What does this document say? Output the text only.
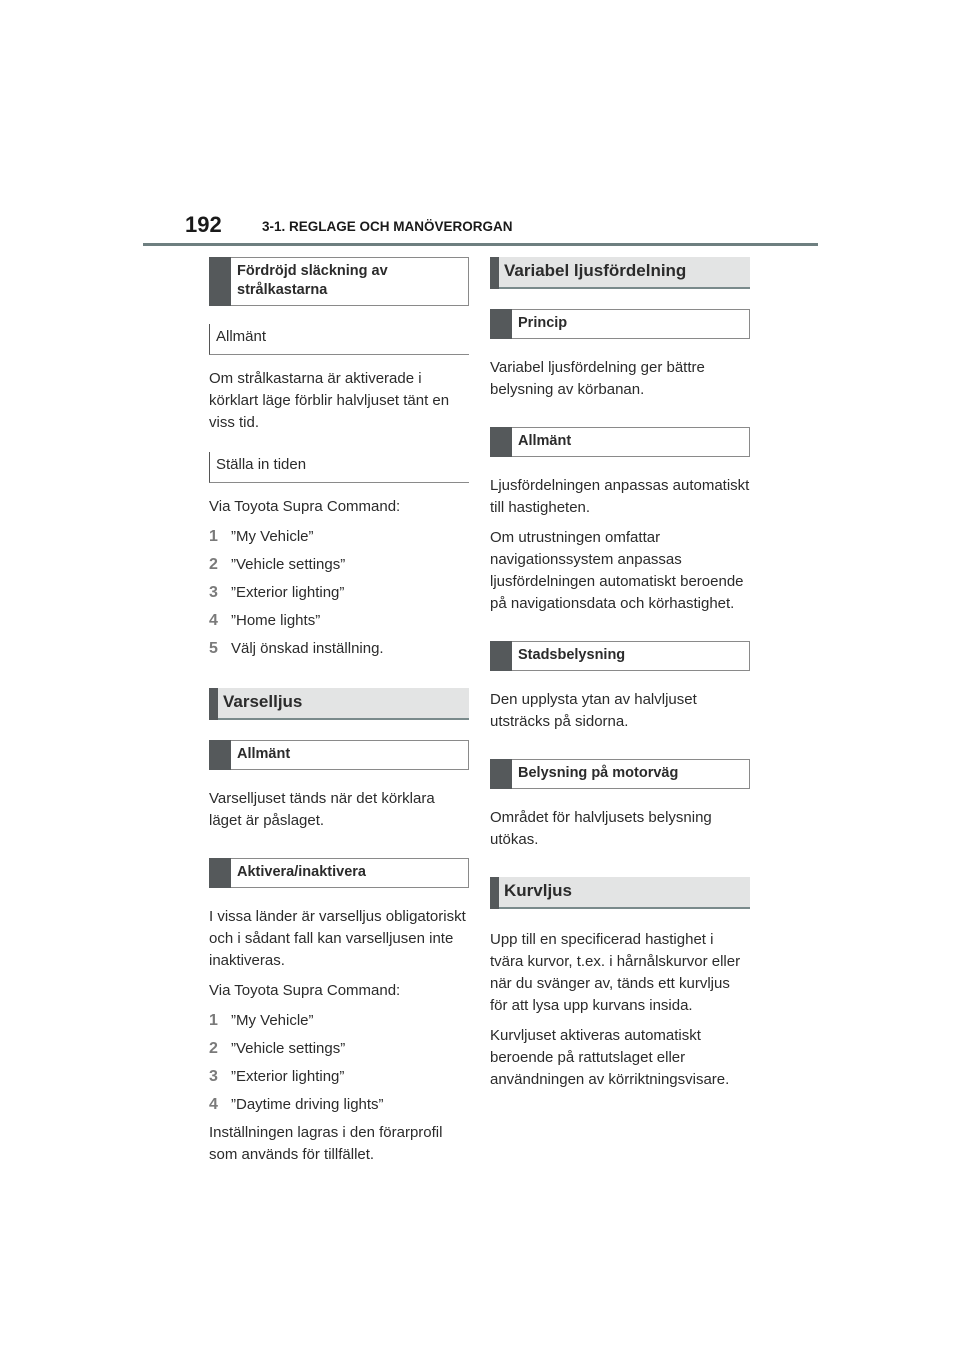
192	3-1. REGLAGE OCH MANÖVERORGAN
Fördröjd släckning av strålkastarna
Allmänt

Om strålkastarna är aktiverade i körklart läge förblir halvljuset tänt en viss tid.

Ställa in tiden

Via Toyota Supra Command:

1 ”My Vehicle”
2 ”Vehicle settings”
3 ”Exterior lighting”
4 ”Home lights”
5 Välj önskad inställning.
Varselljus
Allmänt

Varselljuset tänds när det körklara läget är påslaget.

Aktivera/inaktivera

I vissa länder är varselljus obligatoriskt och i sådant fall kan varselljusen inte inaktiveras.

Via Toyota Supra Command:

1 ”My Vehicle”
2 ”Vehicle settings”
3 ”Exterior lighting”
4 ”Daytime driving lights”

Inställningen lagras i den förarprofil som används för tillfället.

Variabel ljusfördelning
Princip

Variabel ljusfördelning ger bättre belysning av körbanan.

Allmänt

Ljusfördelningen anpassas automatiskt till hastigheten.

Om utrustningen omfattar navigationssystem anpassas ljusfördelningen automatiskt beroende på navigationsdata och körhastighet.

Stadsbelysning

Den upplysta ytan av halvljuset utsträcks på sidorna.

Belysning på motorväg

Området för halvljusets belysning utökas.

Kurvljus

Upp till en specificerad hastighet i tvära kurvor, t.ex. i hårnålskurvor eller när du svänger av, tänds ett kurvljus för att lysa upp kurvans insida.

Kurvljuset aktiveras automatiskt beroende på rattutslaget eller användningen av körriktningsvisare.
